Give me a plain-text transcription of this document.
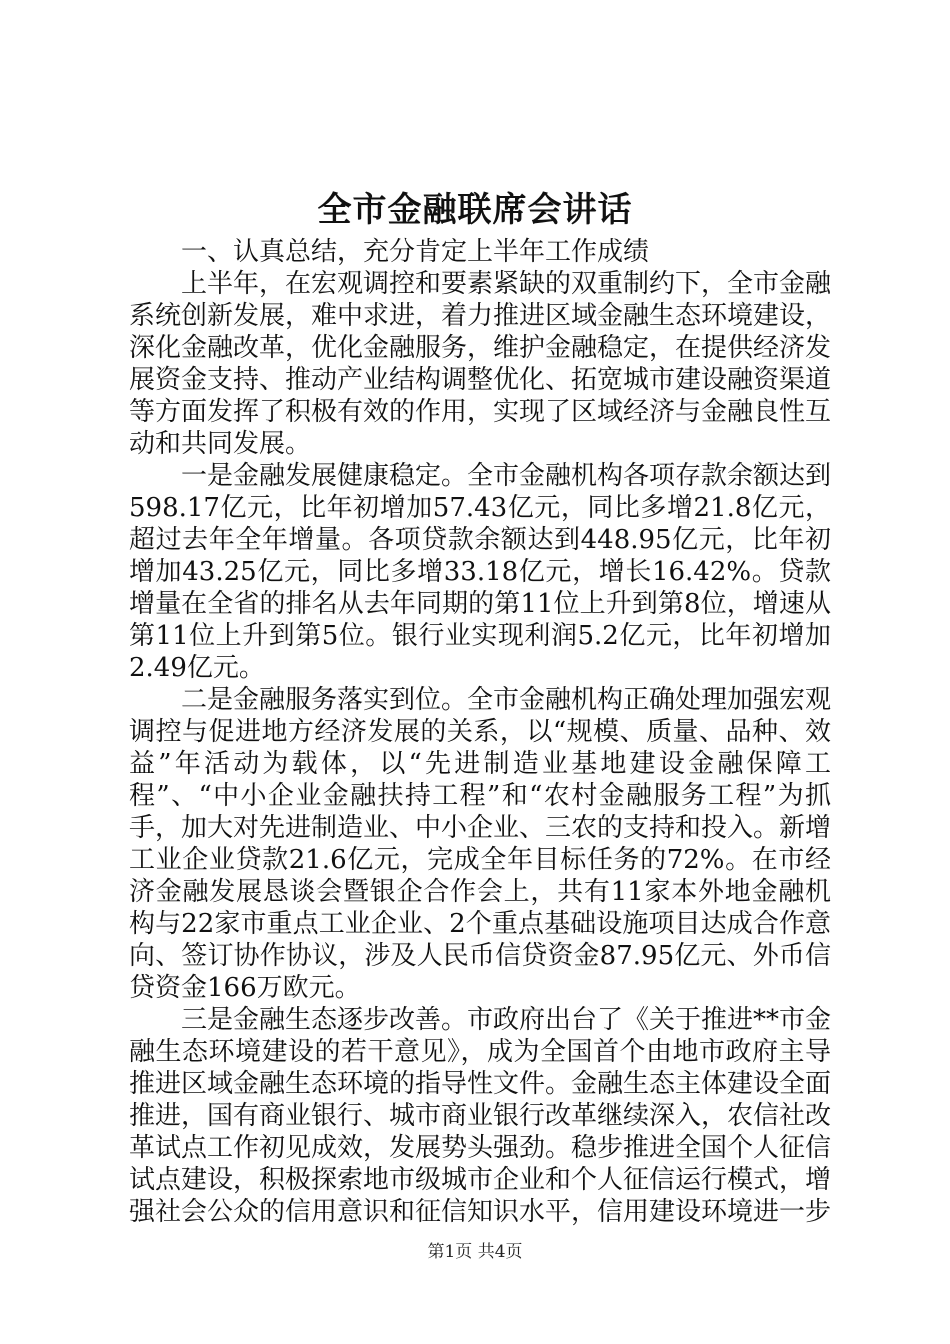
全市金融联席会讲话

一、认真总结，充分肯定上半年工作成绩

上半年，在宏观调控和要素紧缺的双重制约下，全市金融系统创新发展，难中求进，着力推进区域金融生态环境建设，深化金融改革，优化金融服务，维护金融稳定，在提供经济发展资金支持、推动产业结构调整优化、拓宽城市建设融资渠道等方面发挥了积极有效的作用，实现了区域经济与金融良性互动和共同发展。

一是金融发展健康稳定。全市金融机构各项存款余额达到598.17亿元，比年初增加57.43亿元，同比多增21.8亿元，超过去年全年增量。各项贷款余额达到448.95亿元，比年初增加43.25亿元，同比多增33.18亿元，增长16.42%。贷款增量在全省的排名从去年同期的第11位上升到第8位，增速从第11位上升到第5位。银行业实现利润5.2亿元，比年初增加2.49亿元。

二是金融服务落实到位。全市金融机构正确处理加强宏观调控与促进地方经济发展的关系，以“规模、质量、品种、效益”年活动为载体，以“先进制造业基地建设金融保障工程”、“中小企业金融扶持工程”和“农村金融服务工程”为抓手，加大对先进制造业、中小企业、三农的支持和投入。新增工业企业贷款21.6亿元，完成全年目标任务的72%。在市经济金融发展恳谈会暨银企合作会上，共有11家本外地金融机构与22家市重点工业企业、2个重点基础设施项目达成合作意向、签订协作协议，涉及人民币信贷资金87.95亿元、外币信贷资金166万欧元。

三是金融生态逐步改善。市政府出台了《关于推进**市金融生态环境建设的若干意见》，成为全国首个由地市政府主导推进区域金融生态环境的指导性文件。金融生态主体建设全面推进，国有商业银行、城市商业银行改革继续深入，农信社改革试点工作初见成效，发展势头强劲。稳步推进全国个人征信试点建设，积极探索地市级城市企业和个人征信运行模式，增强社会公众的信用意识和征信知识水平，信用建设环境进一步

第1页 共4页
